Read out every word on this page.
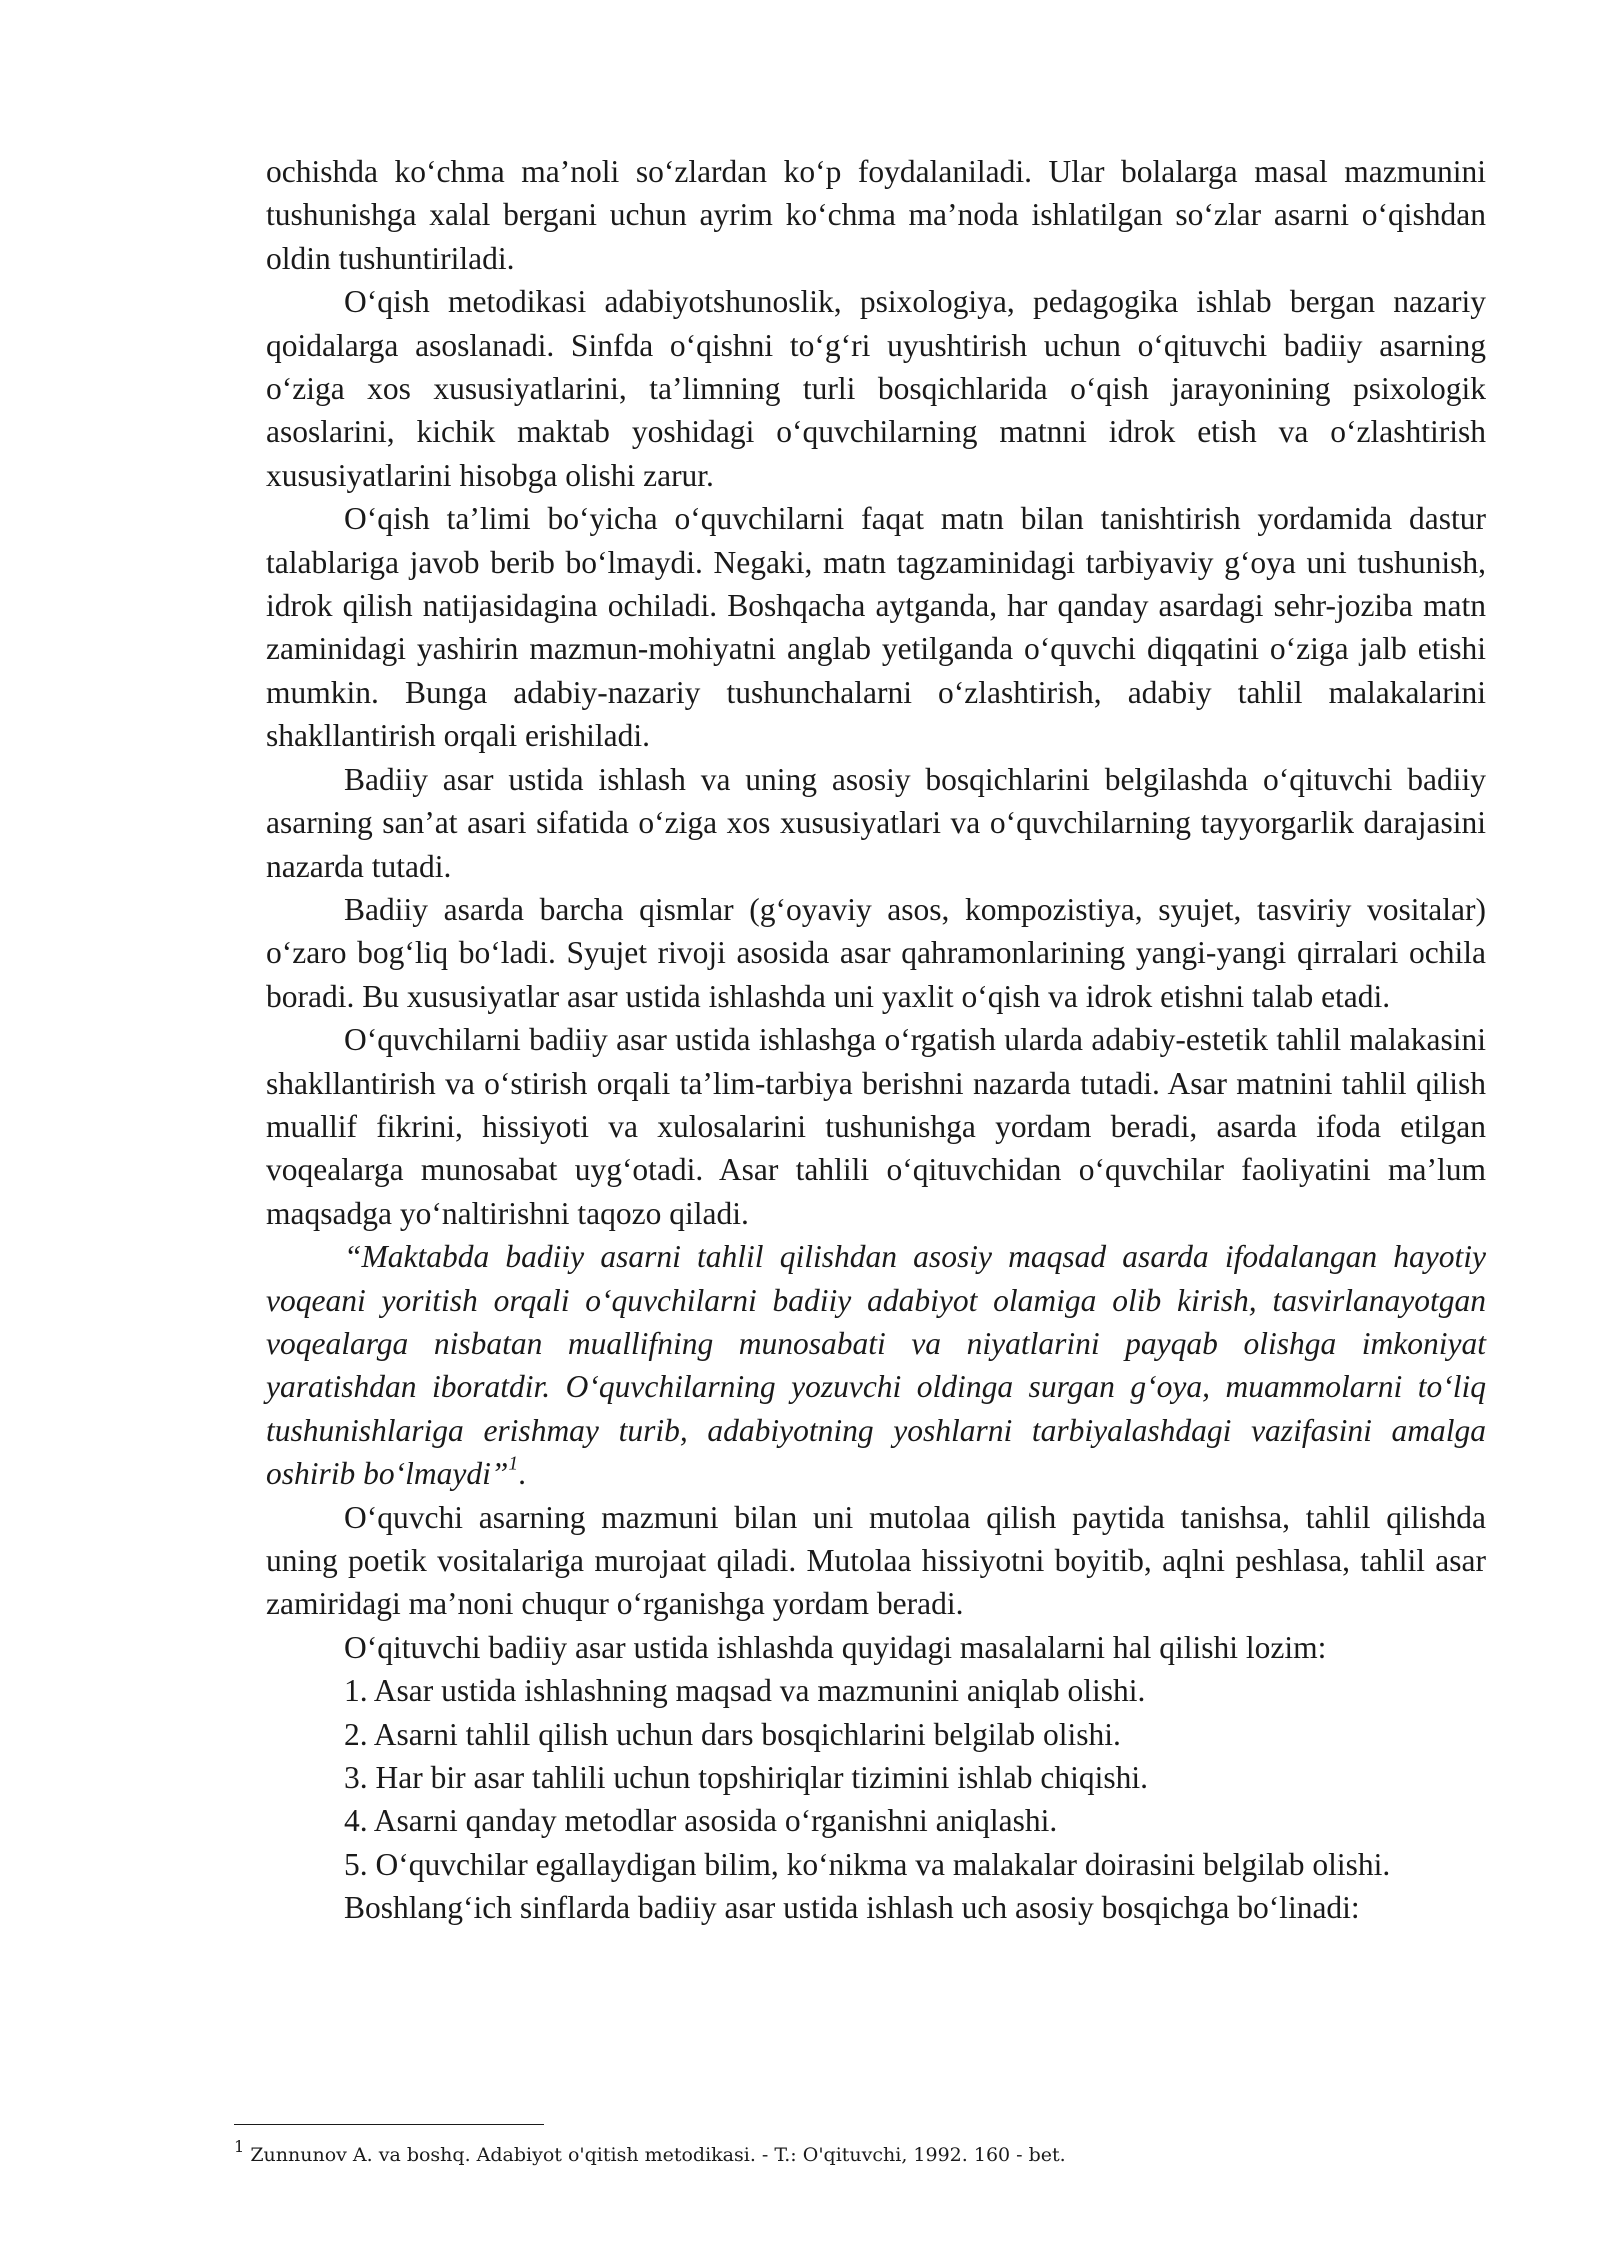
ochishda ko‘chma ma’noli so‘zlardan ko‘p foydalaniladi. Ular bolalarga masal mazmunini tushunishga xalal bergani uchun ayrim ko‘chma ma’noda ishlatilgan so‘zlar asarni o‘qishdan oldin tushuntiriladi.

O‘qish metodikasi adabiyotshunoslik, psixologiya, pedagogika ishlab bergan nazariy qoidalarga asoslanadi. Sinfda o‘qishni to‘g‘ri uyushtirish uchun o‘qituvchi badiiy asarning o‘ziga xos xususiyatlarini, ta’limning turli bosqichlarida o‘qish jarayonining psixologik asoslarini, kichik maktab yoshidagi o‘quvchilarning matnni idrok etish va o‘zlashtirish xususiyatlarini hisobga olishi zarur.

O‘qish ta’limi bo‘yicha o‘quvchilarni faqat matn bilan tanishtirish yordamida dastur talablariga javob berib bo‘lmaydi. Negaki, matn tagzaminidagi tarbiyaviy g‘oya uni tushunish, idrok qilish natijasidagina ochiladi. Boshqacha aytganda, har qanday asardagi sehr-joziba matn zaminidagi yashirin mazmun-mohiyatni anglab yetilganda o‘quvchi diqqatini o‘ziga jalb etishi mumkin. Bunga adabiy-nazariy tushunchalarni o‘zlashtirish, adabiy tahlil malakalarini shakllantirish orqali erishiladi.

Badiiy asar ustida ishlash va uning asosiy bosqichlarini belgilashda o‘qituvchi badiiy asarning san’at asari sifatida o‘ziga xos xususiyatlari va o‘quvchilarning tayyorgarlik darajasini nazarda tutadi.

Badiiy asarda barcha qismlar (g‘oyaviy asos, kompozistiya, syujet, tasviriy vositalar) o‘zaro bog‘liq bo‘ladi. Syujet rivoji asosida asar qahramonlarining yangi-yangi qirralari ochila boradi. Bu xususiyatlar asar ustida ishlashda uni yaxlit o‘qish va idrok etishni talab etadi.

O‘quvchilarni badiiy asar ustida ishlashga o‘rgatish ularda adabiy-estetik tahlil malakasini shakllantirish va o‘stirish orqali ta’lim-tarbiya berishni nazarda tutadi. Asar matnini tahlil qilish muallif fikrini, hissiyoti va xulosalarini tushunishga yordam beradi, asarda ifoda etilgan voqealarga munosabat uyg‘otadi. Asar tahlili o‘qituvchidan o‘quvchilar faoliyatini ma’lum maqsadga yo‘naltirishni taqozo qiladi.

“Maktabda badiiy asarni tahlil qilishdan asosiy maqsad asarda ifodalangan hayotiy voqeani yoritish orqali o‘quvchilarni badiiy adabiyot olamiga olib kirish, tasvirlanayotgan voqealarga nisbatan muallifning munosabati va niyatlarini payqab olishga imkoniyat yaratishdan iboratdir. O‘quvchilarning yozuvchi oldinga surgan g‘oya, muammolarni to‘liq tushunishlariga erishmay turib, adabiyotning yoshlarni tarbiyalashdagi vazifasini amalga oshirib bo‘lmaydi”$^1$.

O‘quvchi asarning mazmuni bilan uni mutolaa qilish paytida tanishsa, tahlil qilishda uning poetik vositalariga murojaat qiladi. Mutolaa hissiyotni boyitib, aqlni peshlasa, tahlil asar zamiridagi ma’noni chuqur o‘rganishga yordam beradi.

O‘qituvchi badiiy asar ustida ishlashda quyidagi masalalarni hal qilishi lozim:

1. Asar ustida ishlashning maqsad va mazmunini aniqlab olishi.

2. Asarni tahlil qilish uchun dars bosqichlarini belgilab olishi.

3. Har bir asar tahlili uchun topshiriqlar tizimini ishlab chiqishi.

4. Asarni qanday metodlar asosida o‘rganishni aniqlashi.

5. O‘quvchilar egallaydigan bilim, ko‘nikma va malakalar doirasini belgilab olishi.

Boshlang‘ich sinflarda badiiy asar ustida ishlash uch asosiy bosqichga bo‘linadi:

$^1$ Zunnunov A. va boshq. Adabiyot o'qitish metodikasi. - T.: O'qituvchi, 1992. 160 - bet.
